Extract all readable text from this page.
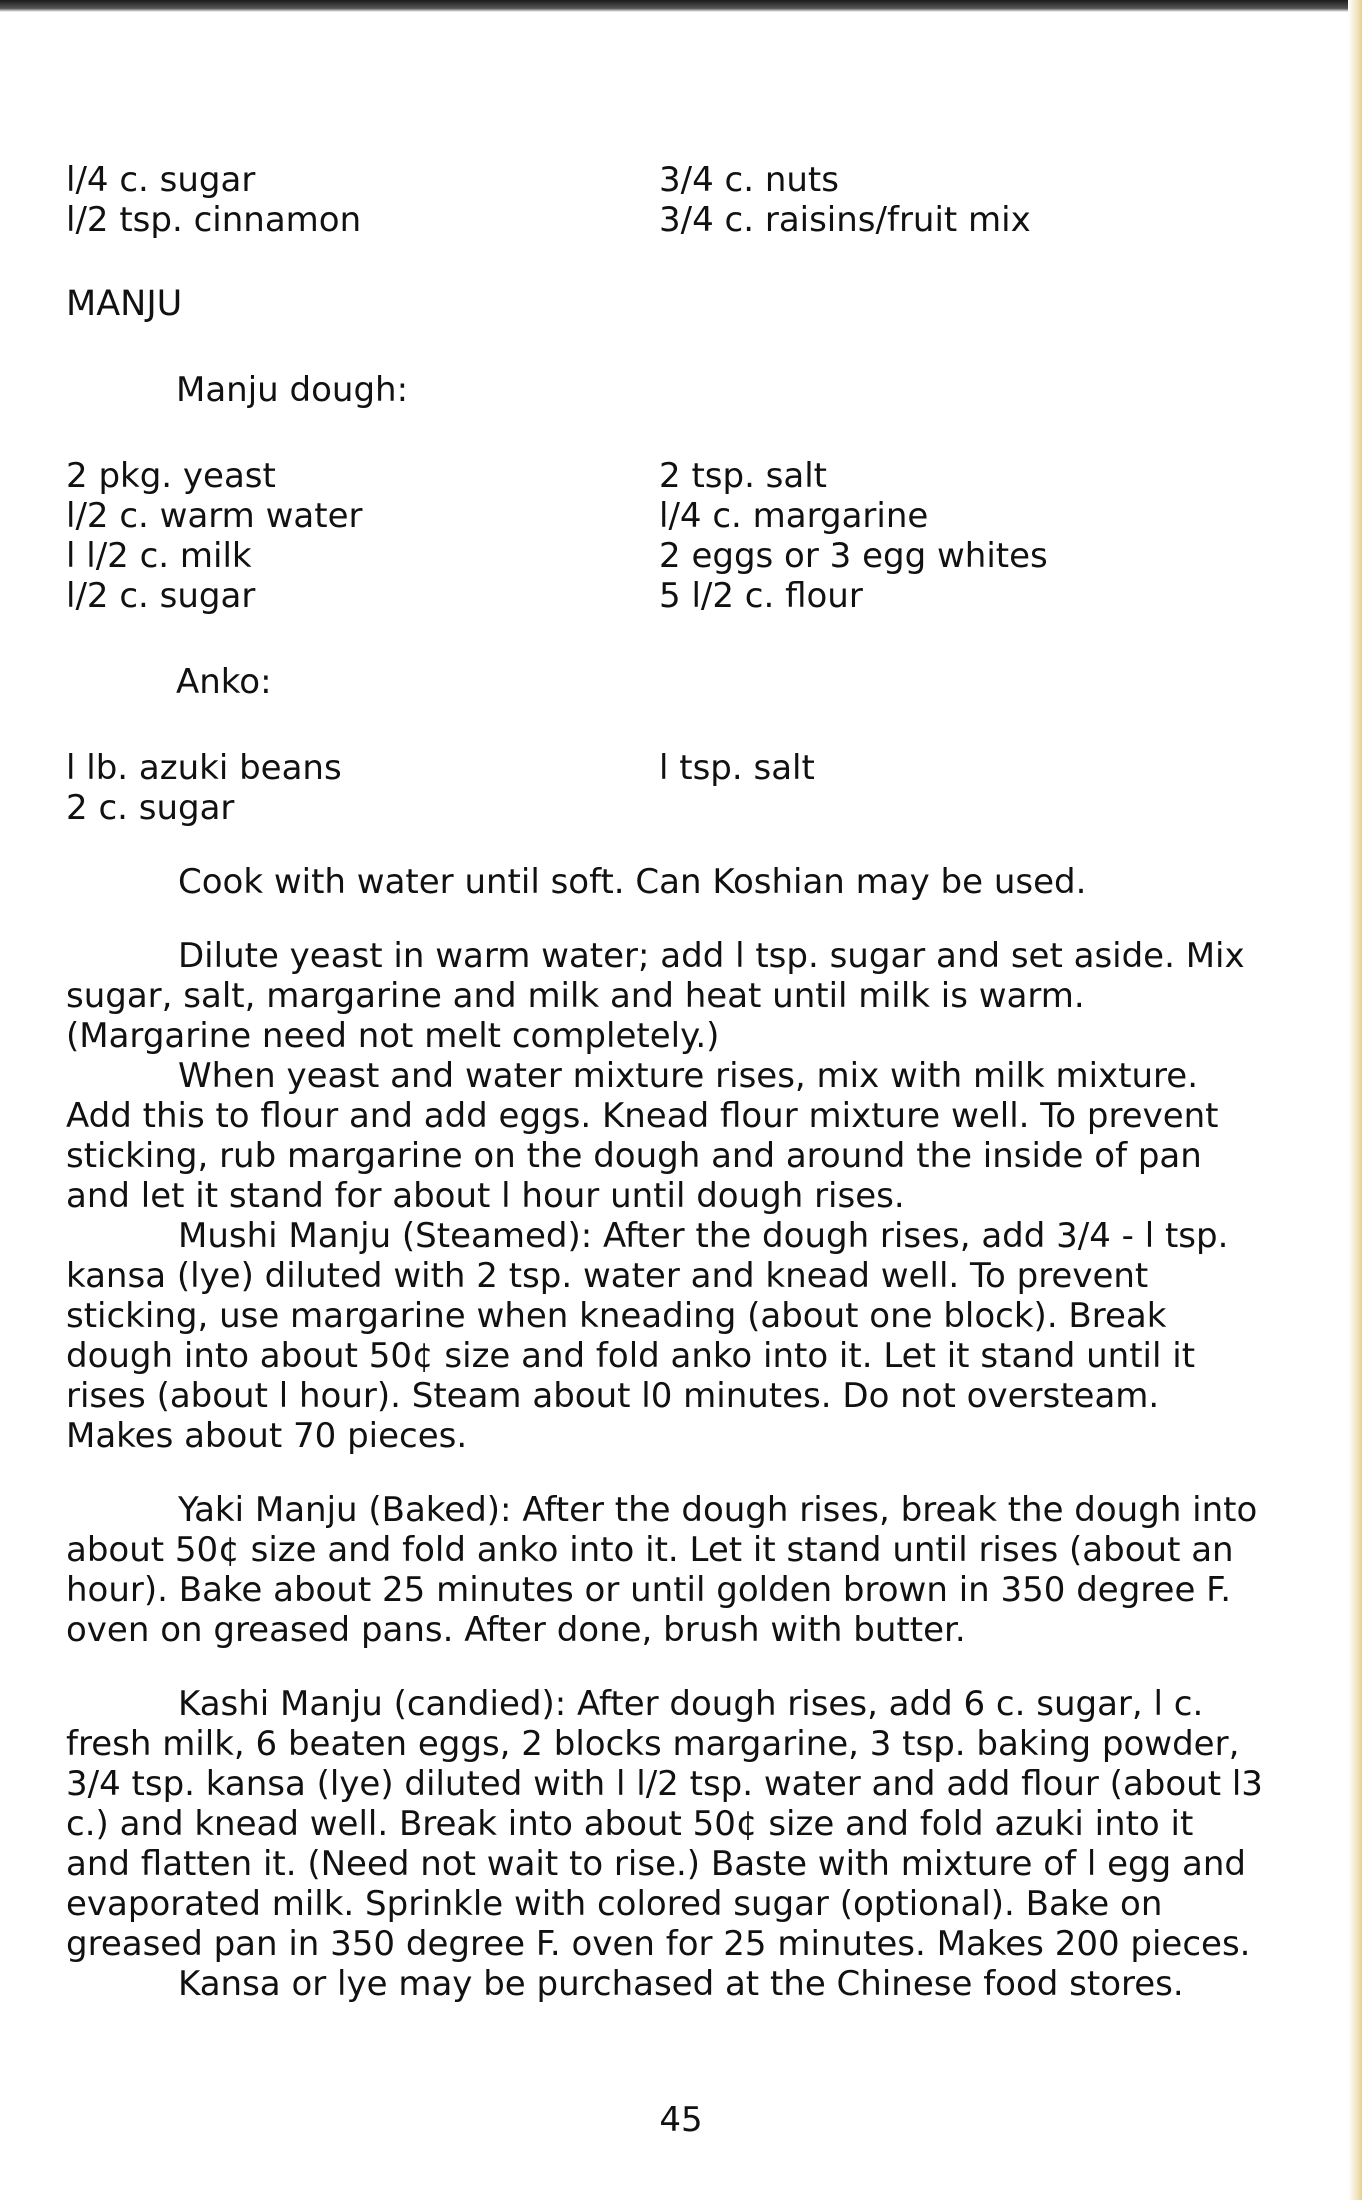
l/4 c. sugar
l/2 tsp. cinnamon
3/4 c. nuts
3/4 c. raisins/fruit mix
MANJU
Manju dough:
2 pkg. yeast
l/2 c. warm water
l l/2 c. milk
l/2 c. sugar
2 tsp. salt
l/4 c. margarine
2 eggs or 3 egg whites
5 l/2 c. flour
Anko:
l lb. azuki beans
2 c. sugar
l tsp. salt
Cook with water until soft. Can Koshian may be used.
Dilute yeast in warm water; add l tsp. sugar and set aside. Mix sugar, salt, margarine and milk and heat until milk is warm. (Margarine need not melt completely.)
When yeast and water mixture rises, mix with milk mixture. Add this to flour and add eggs. Knead flour mixture well. To prevent sticking, rub margarine on the dough and around the inside of pan and let it stand for about l hour until dough rises.
Mushi Manju (Steamed): After the dough rises, add 3/4 - l tsp. kansa (lye) diluted with 2 tsp. water and knead well. To prevent sticking, use margarine when kneading (about one block). Break dough into about 50¢ size and fold anko into it. Let it stand until it rises (about l hour). Steam about l0 minutes. Do not oversteam. Makes about 70 pieces.
Yaki Manju (Baked): After the dough rises, break the dough into about 50¢ size and fold anko into it. Let it stand until rises (about an hour). Bake about 25 minutes or until golden brown in 350 degree F. oven on greased pans. After done, brush with butter.
Kashi Manju (candied): After dough rises, add 6 c. sugar, l c. fresh milk, 6 beaten eggs, 2 blocks margarine, 3 tsp. baking powder, 3/4 tsp. kansa (lye) diluted with l l/2 tsp. water and add flour (about l3 c.) and knead well. Break into about 50¢ size and fold azuki into it and flatten it. (Need not wait to rise.) Baste with mixture of l egg and evaporated milk. Sprinkle with colored sugar (optional). Bake on greased pan in 350 degree F. oven for 25 minutes. Makes 200 pieces.
Kansa or lye may be purchased at the Chinese food stores.
45
